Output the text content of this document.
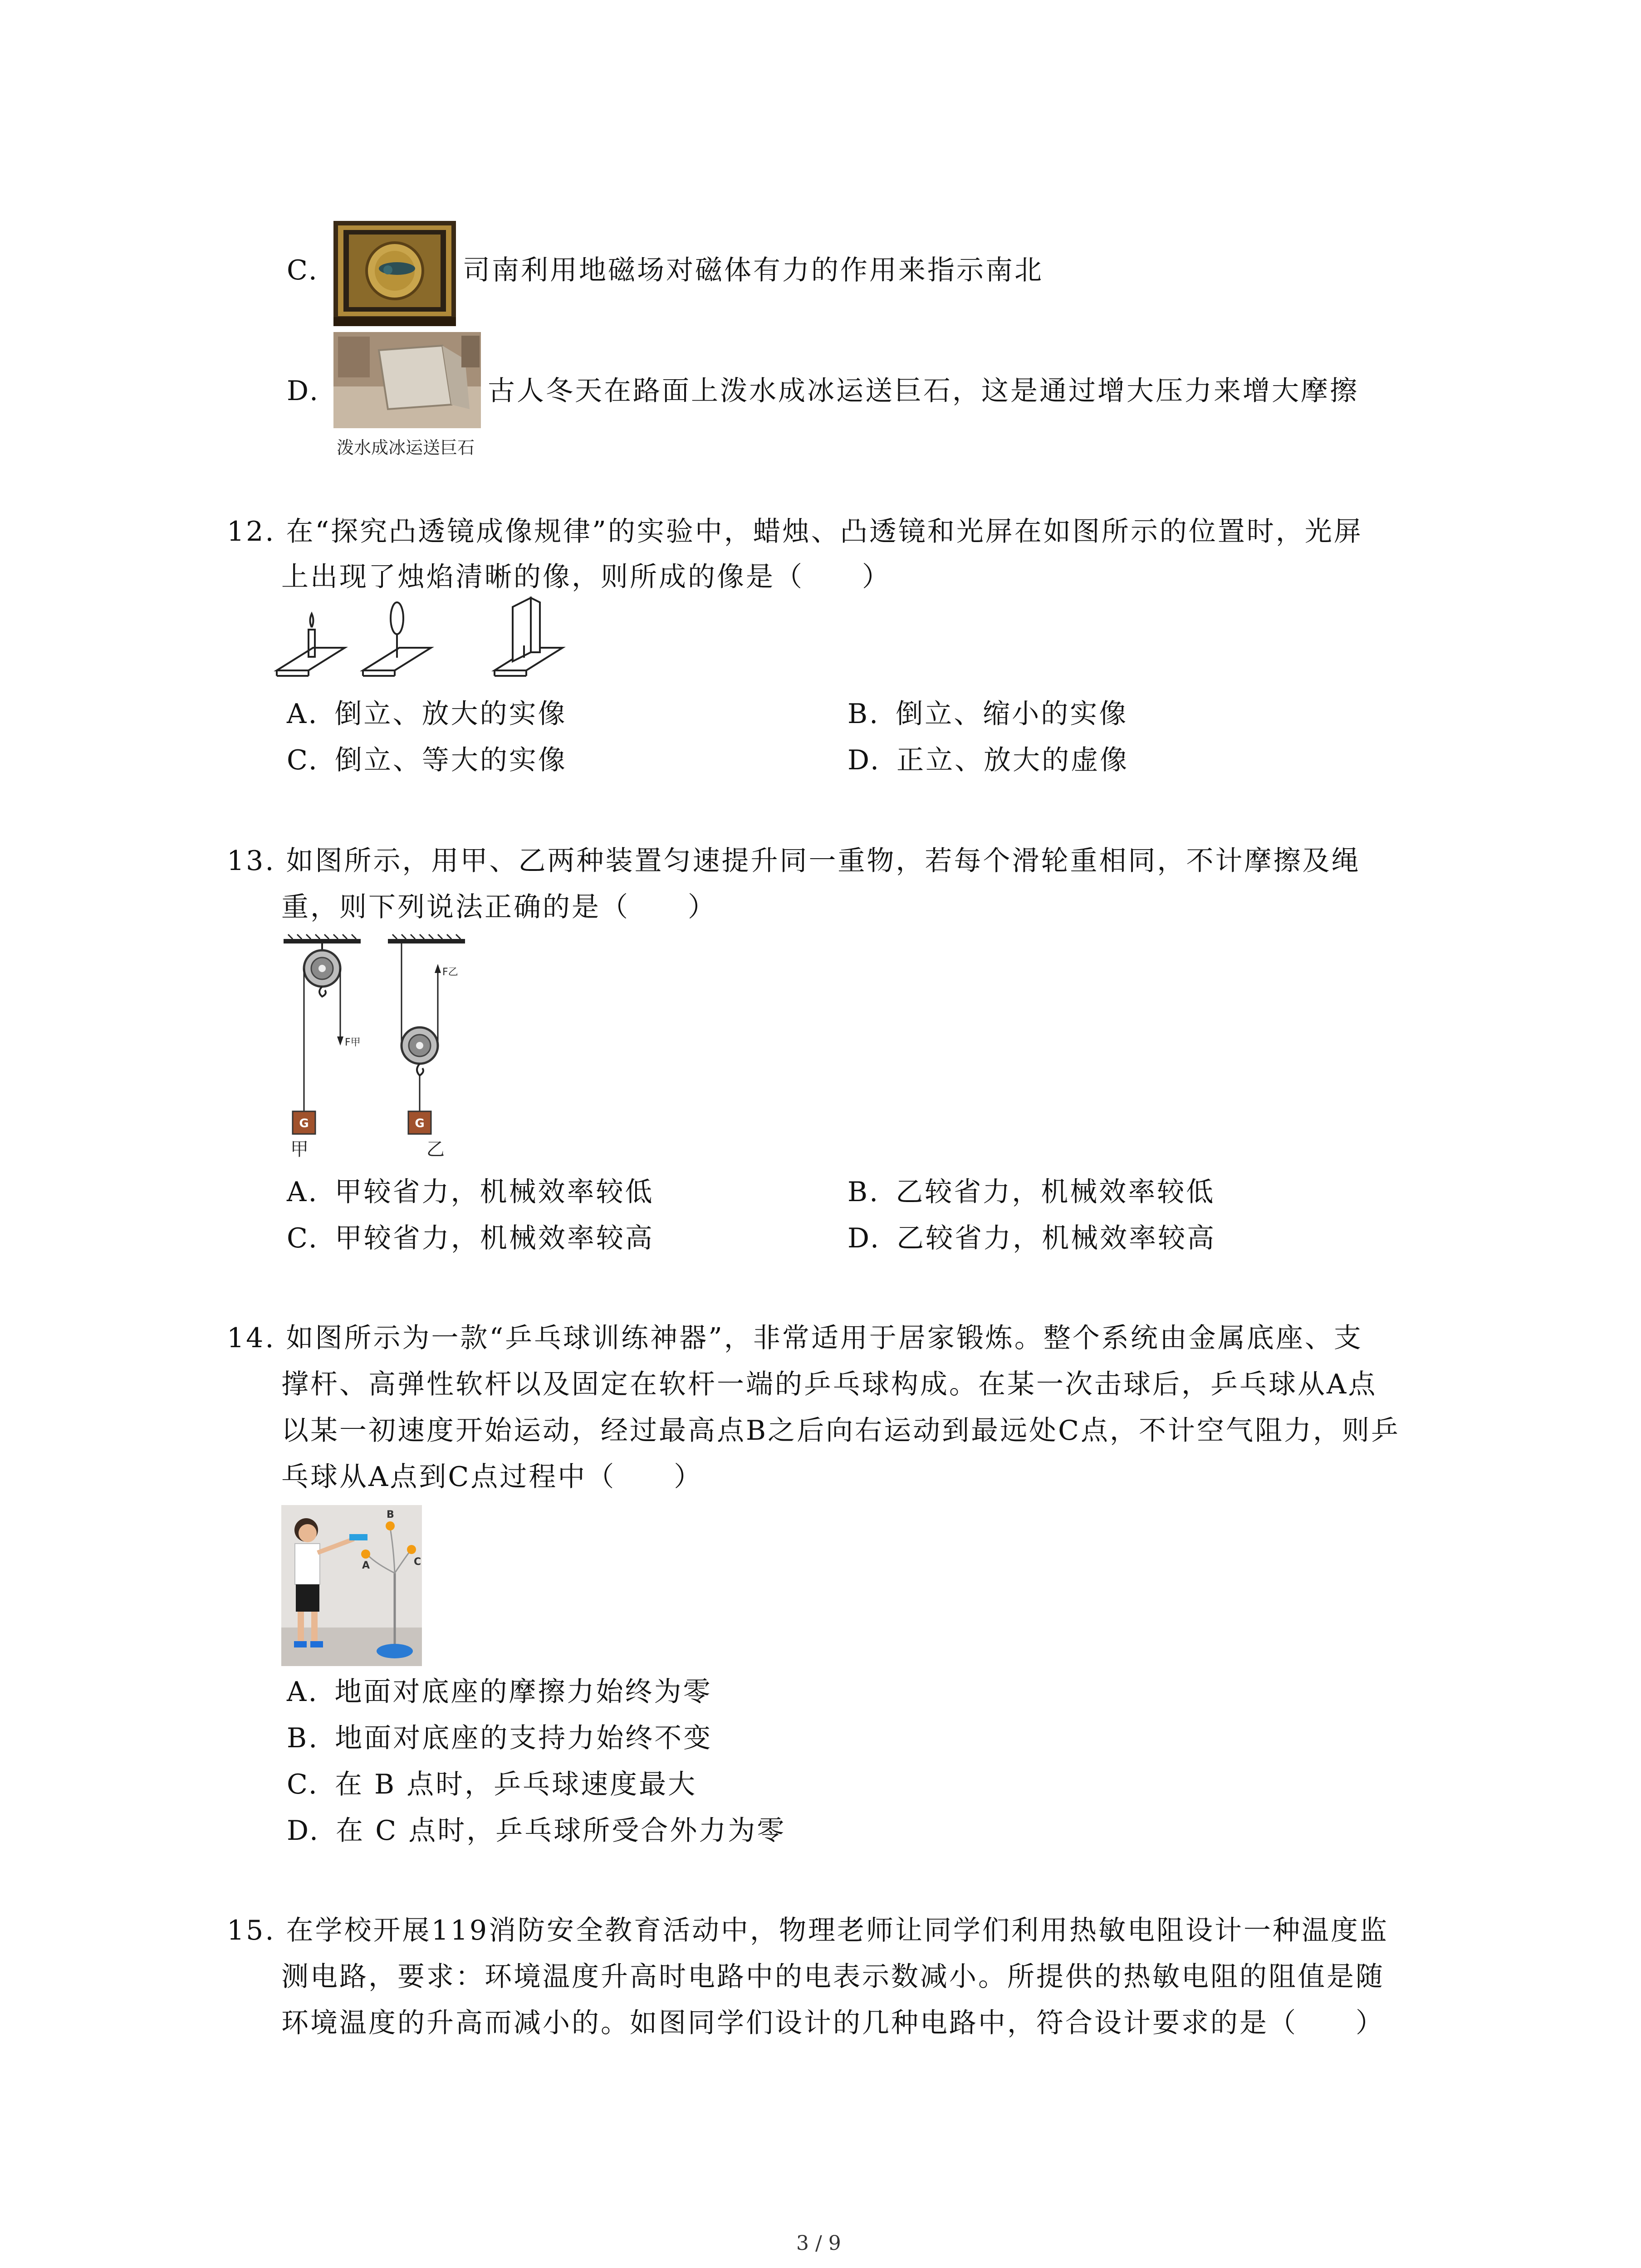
C.	司南利用地磁场对磁体有力的作用来指示南北
D.
泼水成冰运送巨石
古人冬天在路面上泼水成冰运送巨石，这是通过增大压力来增大摩擦
12. 在“探究凸透镜成像规律”的实验中，蜡烛、凸透镜和光屏在如图所示的位置时，光屏
上出现了烛焰清晰的像，则所成的像是（　　）
A. 倒立、放大的实像	B. 倒立、缩小的实像
C. 倒立、等大的实像	D. 正立、放大的虚像
13. 如图所示，用甲、乙两种装置匀速提升同一重物，若每个滑轮重相同，不计摩擦及绳
重，则下列说法正确的是（　　）
F甲
G
F乙
G
甲	乙
A. 甲较省力，机械效率较低	B. 乙较省力，机械效率较低
C. 甲较省力，机械效率较高	D. 乙较省力，机械效率较高
14. 如图所示为一款“乒乓球训练神器”，非常适用于居家锻炼。整个系统由金属底座、支
撑杆、高弹性软杆以及固定在软杆一端的乒乓球构成。在某一次击球后，乒乓球从A点
以某一初速度开始运动，经过最高点B之后向右运动到最远处C点，不计空气阻力，则乒
乓球从A点到C点过程中（　　）
A
B
C
A. 地面对底座的摩擦力始终为零
B. 地面对底座的支持力始终不变
C. 在 B 点时，乒乓球速度最大
D. 在 C 点时，乒乓球所受合外力为零
15. 在学校开展119消防安全教育活动中，物理老师让同学们利用热敏电阻设计一种温度监
测电路，要求：环境温度升高时电路中的电表示数减小。所提供的热敏电阻的阻值是随
环境温度的升高而减小的。如图同学们设计的几种电路中，符合设计要求的是（　　）
3 / 9
